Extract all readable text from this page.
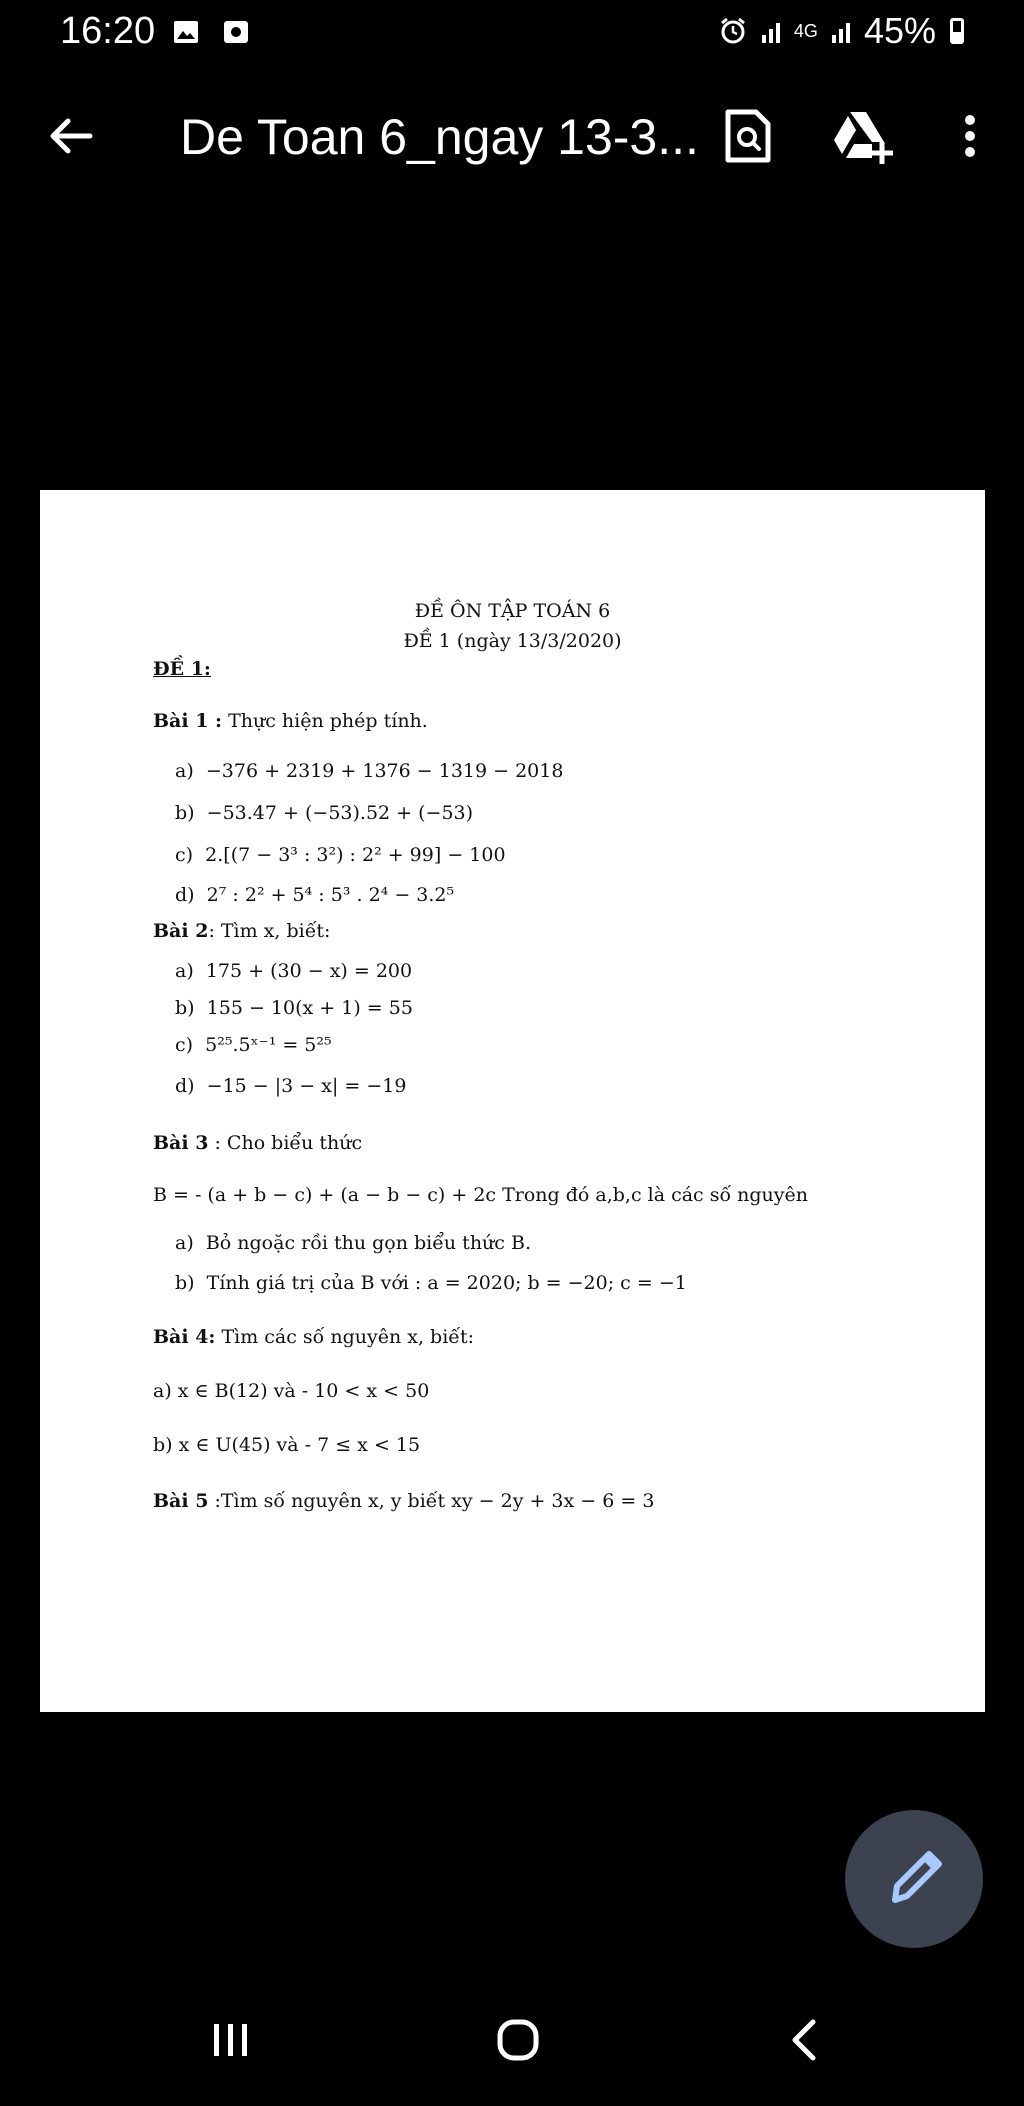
16:20	4G 45%
De Toan 6_ngay 13-3...
ĐỀ ÔN TẬP TOÁN 6
ĐỀ 1 (ngày 13/3/2020)
ĐỀ 1:
Bài 1 : Thực hiện phép tính.
a) −376 + 2319 + 1376 − 1319 − 2018
b) −53.47 + (−53).52 + (−53)
c) 2.[(7 − 3³ : 3²) : 2² + 99] − 100
d) 2⁷ : 2² + 5⁴ : 5³ . 2⁴ − 3.2⁵
Bài 2: Tìm x, biết:
a) 175 + (30 − x) = 200
b) 155 − 10(x + 1) = 55
c) 5²⁵.5ˣ⁻¹ = 5²⁵
d) −15 − |3 − x| = −19
Bài 3 : Cho biểu thức
B = - (a + b − c) + (a − b − c) + 2c Trong đó a,b,c là các số nguyên
a) Bỏ ngoặc rồi thu gọn biểu thức B.
b) Tính giá trị của B với : a = 2020; b = −20; c = −1
Bài 4: Tìm các số nguyên x, biết:
a) x ∈ B(12) và - 10 < x < 50
b) x ∈ U(45) và - 7 ≤ x < 15
Bài 5 :Tìm số nguyên x, y biết xy − 2y + 3x − 6 = 3
